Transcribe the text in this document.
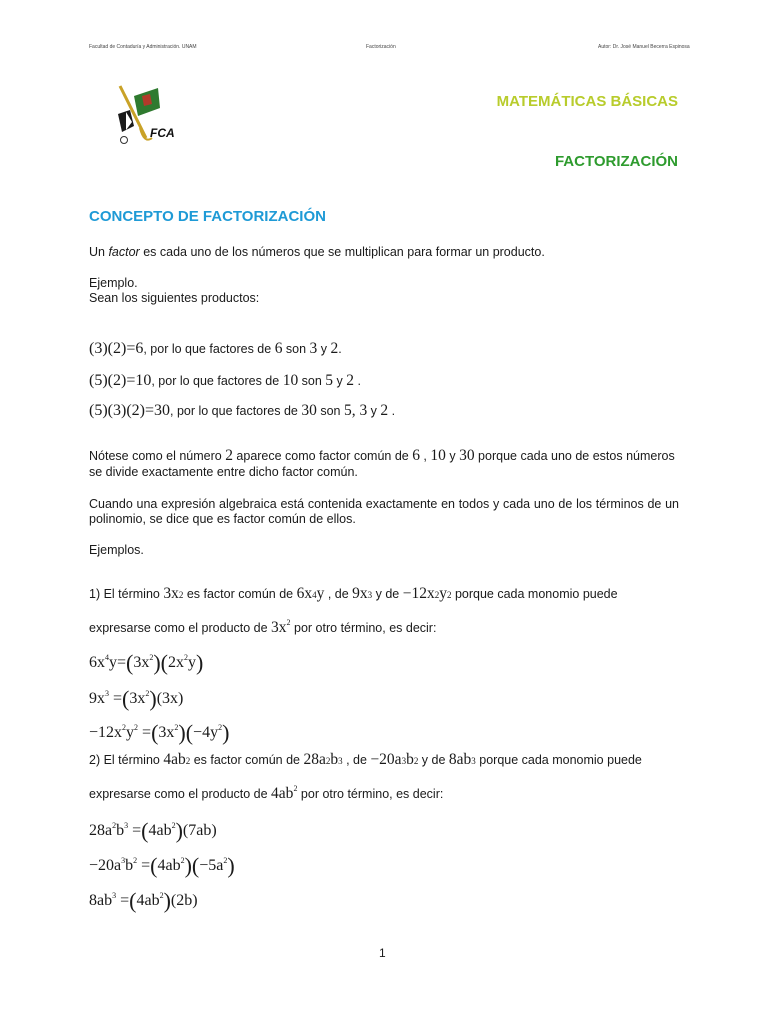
Facultad de Contaduría y Administración. UNAM	Factorización	Autor: Dr. José Manuel Becerra Espinosa
FCA
MATEMÁTICAS BÁSICAS
FACTORIZACIÓN
CONCEPTO DE FACTORIZACIÓN
Un factor es cada uno de los números que se multiplican para formar un producto.
Ejemplo.
Sean los siguientes productos:
(3)(2)=6, por lo que factores de 6 son 3 y 2.
(5)(2)=10, por lo que factores de 10 son 5 y 2 .
(5)(3)(2)=30, por lo que factores de 30 son 5, 3 y 2 .
Nótese como el número 2 aparece como factor común de 6 , 10 y 30 porque cada uno de estos números
se divide exactamente entre dicho factor común.
Cuando una expresión algebraica está contenida exactamente en todos y cada uno de los términos de un polinomio, se dice que es factor común de ellos.
Ejemplos.
1) El término 3x2 es factor común de 6x4y , de 9x3 y de −12x2y2 porque cada monomio puede
expresarse como el producto de $3x^2$ por otro término, es decir:
$6x^4y=(3x^2)(2x^2y)$
$9x^3 =(3x^2)(3x)$
$-12x^2y^2 =(3x^2)(-4y^2)$
2) El término 4ab2 es factor común de 28a2b3 , de −20a3b2 y de 8ab3 porque cada monomio puede
expresarse como el producto de $4ab^2$ por otro término, es decir:
$28a^2b^3 =(4ab^2)(7ab)$
$-20a^3b^2 =(4ab^2)(-5a^2)$
$8ab^3 =(4ab^2)(2b)$
1
